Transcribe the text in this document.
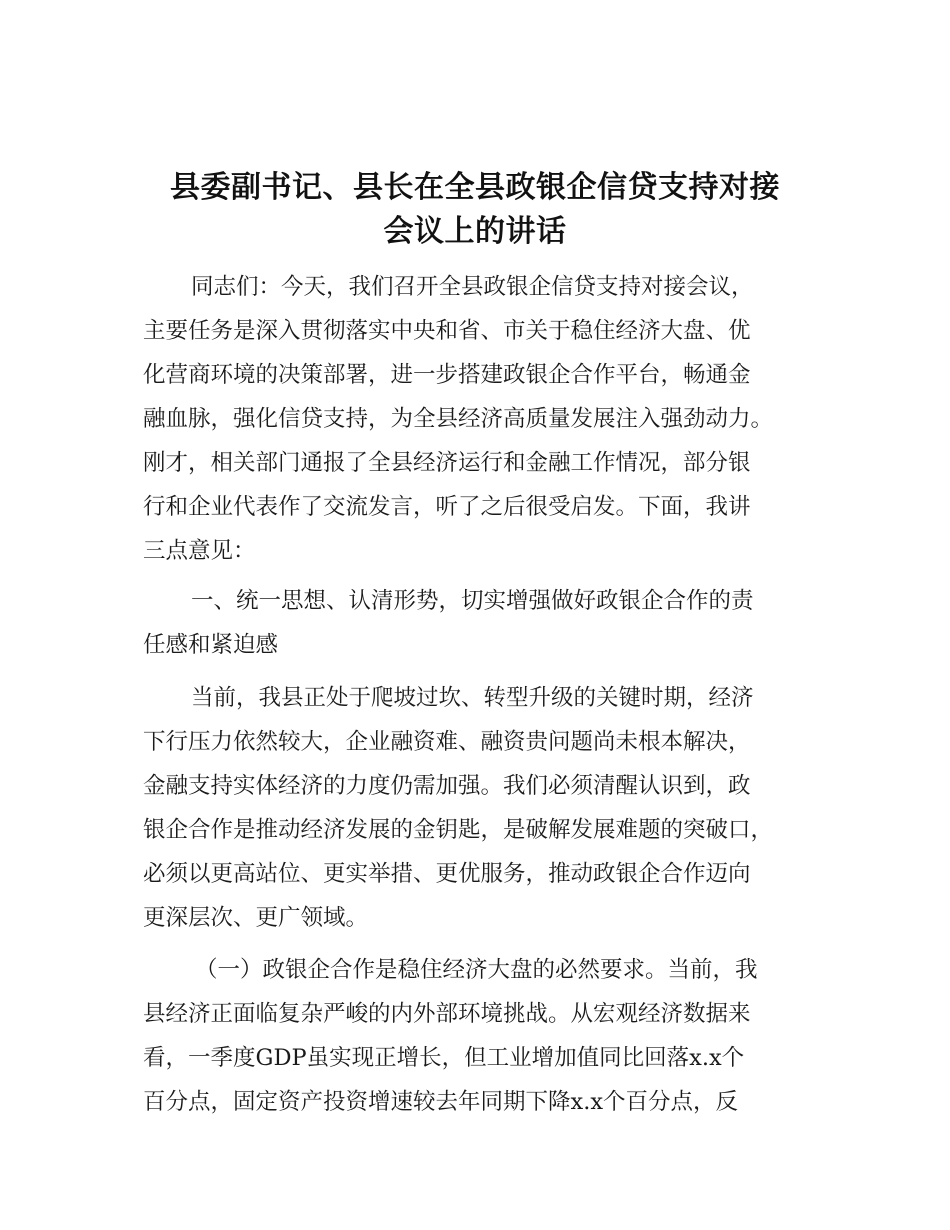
县委副书记、县长在全县政银企信贷支持对接
会议上的讲话
同志们：今天，我们召开全县政银企信贷支持对接会议，
主要任务是深入贯彻落实中央和省、市关于稳住经济大盘、优
化营商环境的决策部署，进一步搭建政银企合作平台，畅通金
融血脉，强化信贷支持，为全县经济高质量发展注入强劲动力。
刚才，相关部门通报了全县经济运行和金融工作情况，部分银
行和企业代表作了交流发言，听了之后很受启发。下面，我讲
三点意见：
一、统一思想、认清形势，切实增强做好政银企合作的责
任感和紧迫感
当前，我县正处于爬坡过坎、转型升级的关键时期，经济
下行压力依然较大，企业融资难、融资贵问题尚未根本解决，
金融支持实体经济的力度仍需加强。我们必须清醒认识到，政
银企合作是推动经济发展的金钥匙，是破解发展难题的突破口，
必须以更高站位、更实举措、更优服务，推动政银企合作迈向
更深层次、更广领域。
（一）政银企合作是稳住经济大盘的必然要求。当前，我
县经济正面临复杂严峻的内外部环境挑战。从宏观经济数据来
看，一季度GDP虽实现正增长，但工业增加值同比回落x.x个
百分点，固定资产投资增速较去年同期下降x.x个百分点，反
